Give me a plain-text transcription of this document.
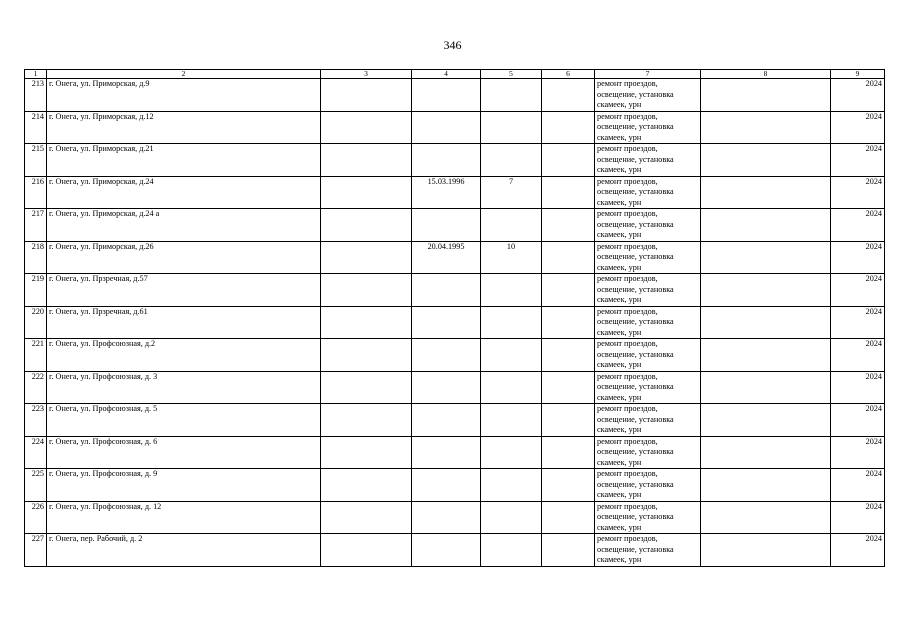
346
1	2	3	4	5	6	7	8	9
213	г. Онега, ул. Приморская, д.9					ремонт проездов, освещение, установка скамеек, урн		2024
214	г. Онега, ул. Приморская, д.12					ремонт проездов, освещение, установка скамеек, урн		2024
215	г. Онега, ул. Приморская, д.21					ремонт проездов, освещение, установка скамеек, урн		2024
216	г. Онега, ул. Приморская, д.24		15.03.1996	7		ремонт проездов, освещение, установка скамеек, урн		2024
217	г. Онега, ул. Приморская, д.24 а					ремонт проездов, освещение, установка скамеек, урн		2024
218	г. Онега, ул. Приморская, д.26		20.04.1995	10		ремонт проездов, освещение, установка скамеек, урн		2024
219	г. Онега, ул. Прзречная, д.57					ремонт проездов, освещение, установка скамеек, урн		2024
220	г. Онега, ул. Прзречная, д.61					ремонт проездов, освещение, установка скамеек, урн		2024
221	г. Онега, ул. Профсоюзная, д.2					ремонт проездов, освещение, установка скамеек, урн		2024
222	г. Онега, ул. Профсоюзная, д. 3					ремонт проездов, освещение, установка скамеек, урн		2024
223	г. Онега, ул. Профсоюзная, д. 5					ремонт проездов, освещение, установка скамеек, урн		2024
224	г. Онега, ул. Профсоюзная, д. 6					ремонт проездов, освещение, установка скамеек, урн		2024
225	г. Онега, ул. Профсоюзная, д. 9					ремонт проездов, освещение, установка скамеек, урн		2024
226	г. Онега, ул. Профсоюзная, д. 12					ремонт проездов, освещение, установка скамеек, урн		2024
227	г. Онега, пер. Рабочий, д. 2					ремонт проездов, освещение, установка скамеек, урн		2024
